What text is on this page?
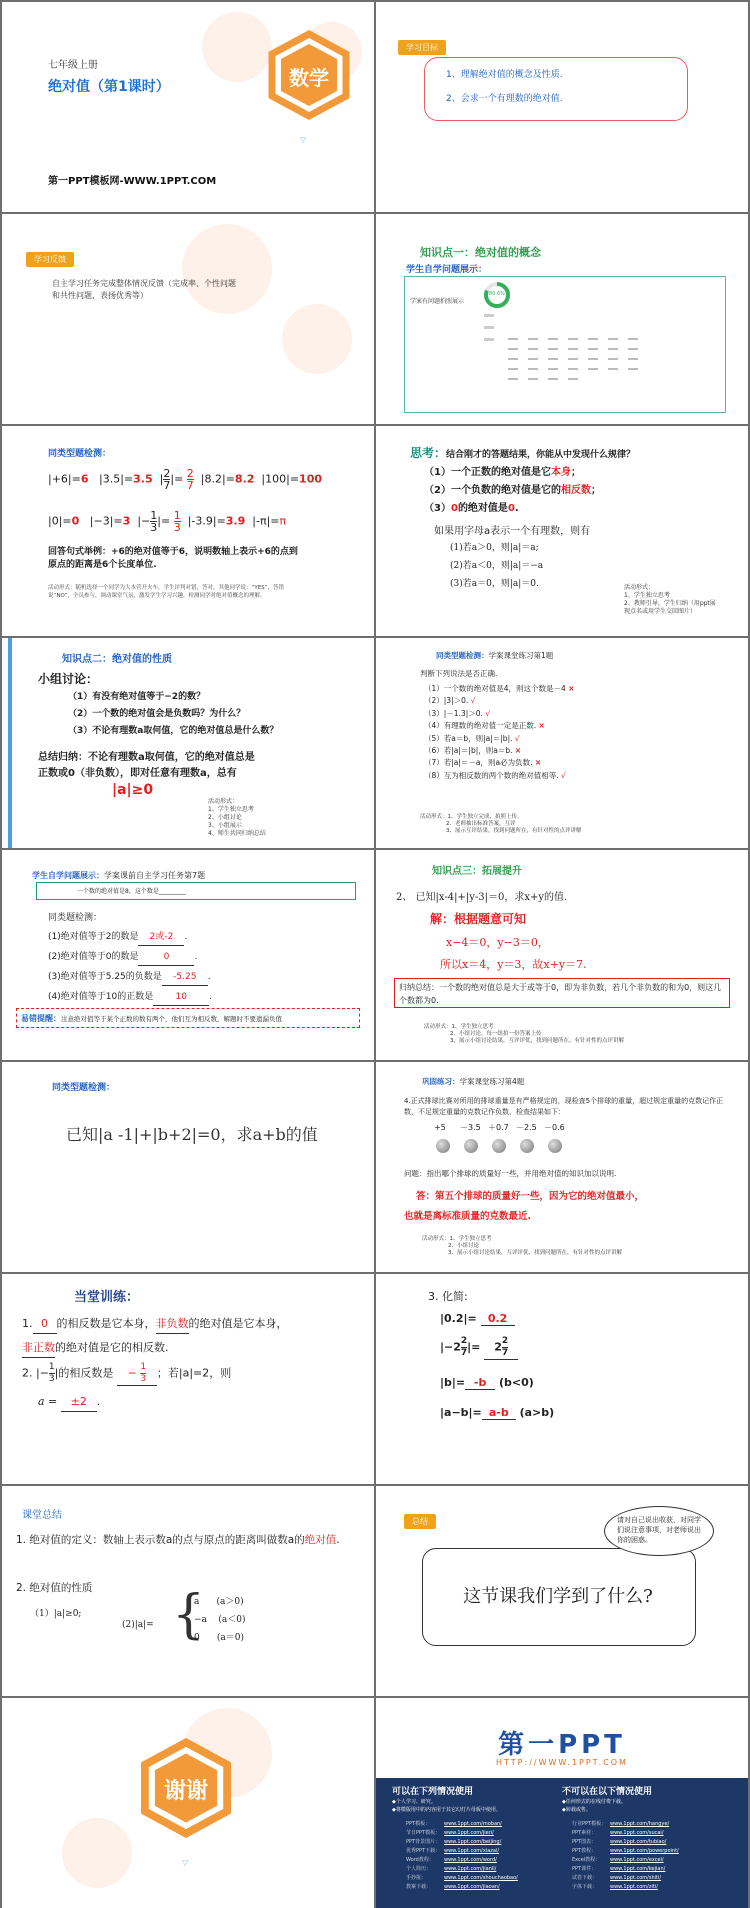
七年级上册
绝对值（第1课时）	数学
▽
第一PPT模板网-WWW.1PPT.COM
学习目标
1、理解绝对值的概念及性质.
2、会求一个有理数的绝对值.
学习反馈
自主学习任务完成整体情况反馈（完成率、个性问题和共性问题，表扬优秀等）
知识点一：绝对值的概念
学生自学问题展示：
学案有问题拍照展示
80.6%
同类型题检测：
|+6|=6 |3.5|=3.5 | $\frac{2}{7}$ |= $\frac{2}{7} |8.2|=8.2$ |100|=100
|0|=0 |−3|=3 |− $\frac{1}{3}$ |= $\frac{1}{3} |-3.9|=3.9$ |-π|=π
回答句式举例：+6的绝对值等于6，说明数轴上表示+6的点到原点的距离是6个长度单位.
活动形式：随机选择一个同学为大本营开火车，学生评判对错，答对，其他同学说：“YES”，答错说“NO”，全员参与，调动课堂气氛，激发学生学习兴趣，检测同学对绝对值概念的理解。
思考：结合刚才的答题结果，你能从中发现什么规律？
（1）一个正数的绝对值是它本身；
（2）一个负数的绝对值是它的相反数；
（3）0的绝对值是0.
如果用字母a表示一个有理数，则有
(1)若a＞0，则|a|＝a;
(2)若a＜0，则|a|＝−a
(3)若a＝0，则|a|＝0.	活动形式：
1、学生独立思考
2、教师引导，学生归纳（用ppt展
现点名或用学生交回图片）
知识点二：绝对值的性质
小组讨论：
（1）有没有绝对值等于−2的数？
（2）一个数的绝对值会是负数吗？为什么？
（3）不论有理数a取何值，它的绝对值总是什么数？
总结归纳：不论有理数a取何值，它的绝对值总是
正数或0（非负数），即对任意有理数a，总有
|a|≥0
活动形式：
1、学生独立思考
2、小组讨论
3、小组展示
4、师生共同归纳总结
同类型题检测：学案课堂练习第1题
判断下列说法是否正确.
（1）一个数的绝对值是4，则这个数是－4 ×
（2）|3|＞0. √
（3）|－1.3|＞0. √
（4）有理数的绝对值一定是正数. ×
（5）若a＝b，则|a|＝|b|. √
（6）若|a|＝|b|，则a＝b. ×
（7）若|a|＝－a，则a必为负数. ×
（8）互为相反数的两个数的绝对值相等. √
活动形式：1、学生独立完成，拍照上传。
2、老师抽出标准答案，互评
3、展示互评结果，找到问题所在，有针对性的点评讲解
学生自学问题展示：学案课前自主学习任务第7题
一个数的绝对值是8，这个数是_________
同类题检测：
(1)绝对值等于2的数是 2或-2 .
(2)绝对值等于0的数是	0	.
(3)绝对值等于5.25的负数是 -5.25 .
(4)绝对值等于10的正数是 10 .
易错提醒：注意绝对值等于某个正数的数有两个，他们互为相反数，解题时不要遗漏负值
知识点三：拓展提升
2、 已知|x-4|+|y-3|＝0，求x+y的值.
解：根据题意可知
x−4＝0，y−3＝0，
所以x＝4，y＝3，故x+y＝7.
归纳总结：一个数的绝对值总是大于或等于0，即为非负数，若几个非负数的和为0，则这几个数都为0.
活动形式：1、学生独立思考
2、小组讨论，每一组拍一份答案上传
3、展示小组讨论结果，互评评优，找到问题所在，有针对性的点评讲解
同类型题检测：
已知|a -1|+|b+2|=0，求a+b的值
巩固练习：学案课堂练习第4题
4.正式排球比赛对所用的排球重量是有严格规定的，现检查5个排球的重量，超过规定重量的克数记作正数，不足规定重量的克数记作负数，检查结果如下：
+5 －3.5 ＋0.7 －2.5 －0.6
问题：指出哪个排球的质量好一些，并用绝对值的知识加以说明.
答：第五个排球的质量好一些，因为它的绝对值最小，
也就是离标准质量的克数最近.
活动形式：1、学生独立思考
2、小组讨论
3、展示小组讨论结果，互评评优，找到问题所在，有针对性的点评讲解
当堂训练：
1. 0 的相反数是它本身，非负数的绝对值是它本身，
非正数的绝对值是它的相反数.
2. |− $\frac{1}{3}$ |的相反数是 − $\frac{1}{3}$ ；若|a|=2，则
a = ±2 .
3. 化简:
|0.2|= 0.2
$|-2 \frac{2}{7}$ |= $2 \frac{2}{7}$
|b|= -b (b<0)
|a−b|= a-b (a>b)
课堂总结
1. 绝对值的定义：数轴上表示数a的点与原点的距离叫做数a的绝对值.
2. 绝对值的性质
（1）|a|≥0;
(2)|a|= {
a      (a＞0)
−a    (a＜0)
0      (a＝0)
总结	请对自己说出收获，对同学们说注意事项，对老师说出你的困惑。
这节课我们学到了什么?
谢谢
▽
第一PPT
HTTP://WWW.1PPT.COM
可以在下列情况使用
◆个人学习、研究。
◆将模版用中的内容用于其它幻灯片母板中使用。
不可以在以下情况使用
◆任何形式的在线付费下载。
◆转载或售。
PPT模板：	www.1ppt.com/moban/
节日PPT模板： www.1ppt.com/jieri/
PPT背景图片： www.1ppt.com/beijing/
优秀PPT下载： www.1ppt.com/xiazai/
Word教程： www.1ppt.com/word/
个人简历：	www.1ppt.com/jianli/
手抄报：	www.1ppt.com/shouchaobao/
教案下载：	www.1ppt.com/jiaoan/
行业PPT模板： www.1ppt.com/hangye/
PPT素材：	www.1ppt.com/sucai/
PPT图表：	www.1ppt.com/tubiao/
PPT教程：	www.1ppt.com/powerpoint/
Excel教程： www.1ppt.com/excel/
PPT课件：	www.1ppt.com/kejian/
试卷下载：	www.1ppt.com/shiti/
字体下载：	www.1ppt.com/ziti/
